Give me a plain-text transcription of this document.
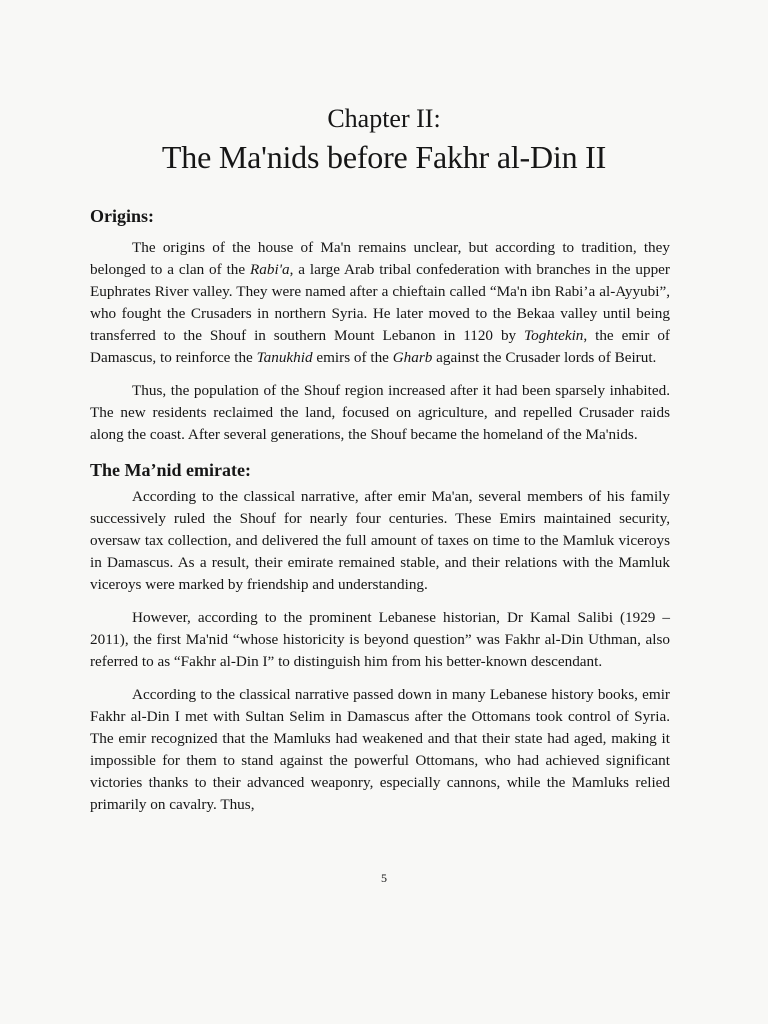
Chapter II:
The Ma'nids before Fakhr al-Din II
Origins:

The origins of the house of Ma'n remains unclear, but according to tradition, they belonged to a clan of the Rabi'a, a large Arab tribal confederation with branches in the upper Euphrates River valley. They were named after a chieftain called “Ma'n ibn Rabi’a al-Ayyubi”, who fought the Crusaders in northern Syria. He later moved to the Bekaa valley until being transferred to the Shouf in southern Mount Lebanon in 1120 by Toghtekin, the emir of Damascus, to reinforce the Tanukhid emirs of the Gharb against the Crusader lords of Beirut.

Thus, the population of the Shouf region increased after it had been sparsely inhabited. The new residents reclaimed the land, focused on agriculture, and repelled Crusader raids along the coast. After several generations, the Shouf became the homeland of the Ma'nids.

The Ma’nid emirate:

According to the classical narrative, after emir Ma'an, several members of his family successively ruled the Shouf for nearly four centuries. These Emirs maintained security, oversaw tax collection, and delivered the full amount of taxes on time to the Mamluk viceroys in Damascus. As a result, their emirate remained stable, and their relations with the Mamluk viceroys were marked by friendship and understanding.

However, according to the prominent Lebanese historian, Dr Kamal Salibi (1929 – 2011), the first Ma'nid “whose historicity is beyond question” was Fakhr al-Din Uthman, also referred to as “Fakhr al-Din I” to distinguish him from his better-known descendant.

According to the classical narrative passed down in many Lebanese history books, emir Fakhr al-Din I met with Sultan Selim in Damascus after the Ottomans took control of Syria. The emir recognized that the Mamluks had weakened and that their state had aged, making it impossible for them to stand against the powerful Ottomans, who had achieved significant victories thanks to their advanced weaponry, especially cannons, while the Mamluks relied primarily on cavalry. Thus,

5
